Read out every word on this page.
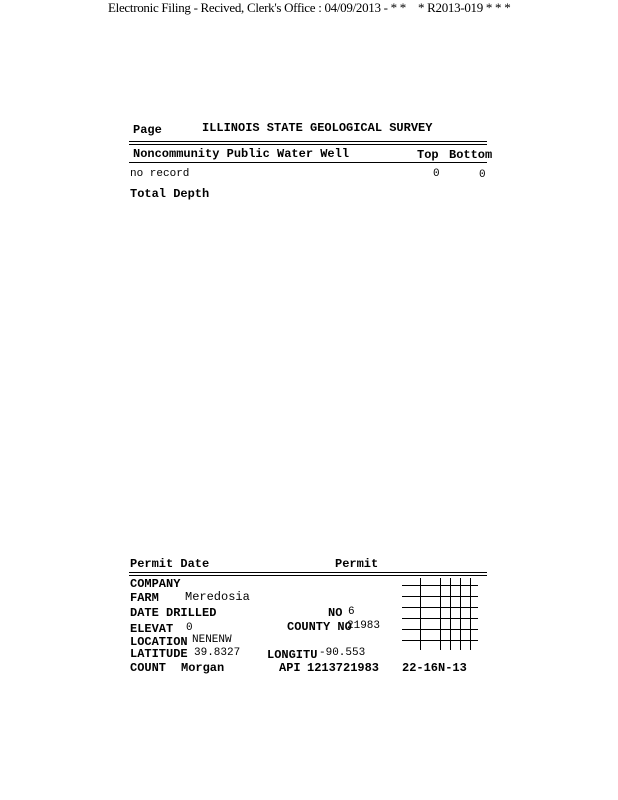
Electronic Filing - Recived, Clerk's Office : 04/09/2013 - * * * R2013-019 * * *
Page	ILLINOIS STATE GEOLOGICAL SURVEY
Noncommunity Public Water Well	Top Bottom
no record	0	0
Total Depth
Permit Date	Permit
COMPANY
FARM Meredosia
DATE DRILLED	NO 6
ELEVAT 0	COUNTY NO
21983
LOCATION NENENW
LATITUDE 39.8327 LONGITU -90.553
COUNT Morgan	API 1213721983 22-16N-13
